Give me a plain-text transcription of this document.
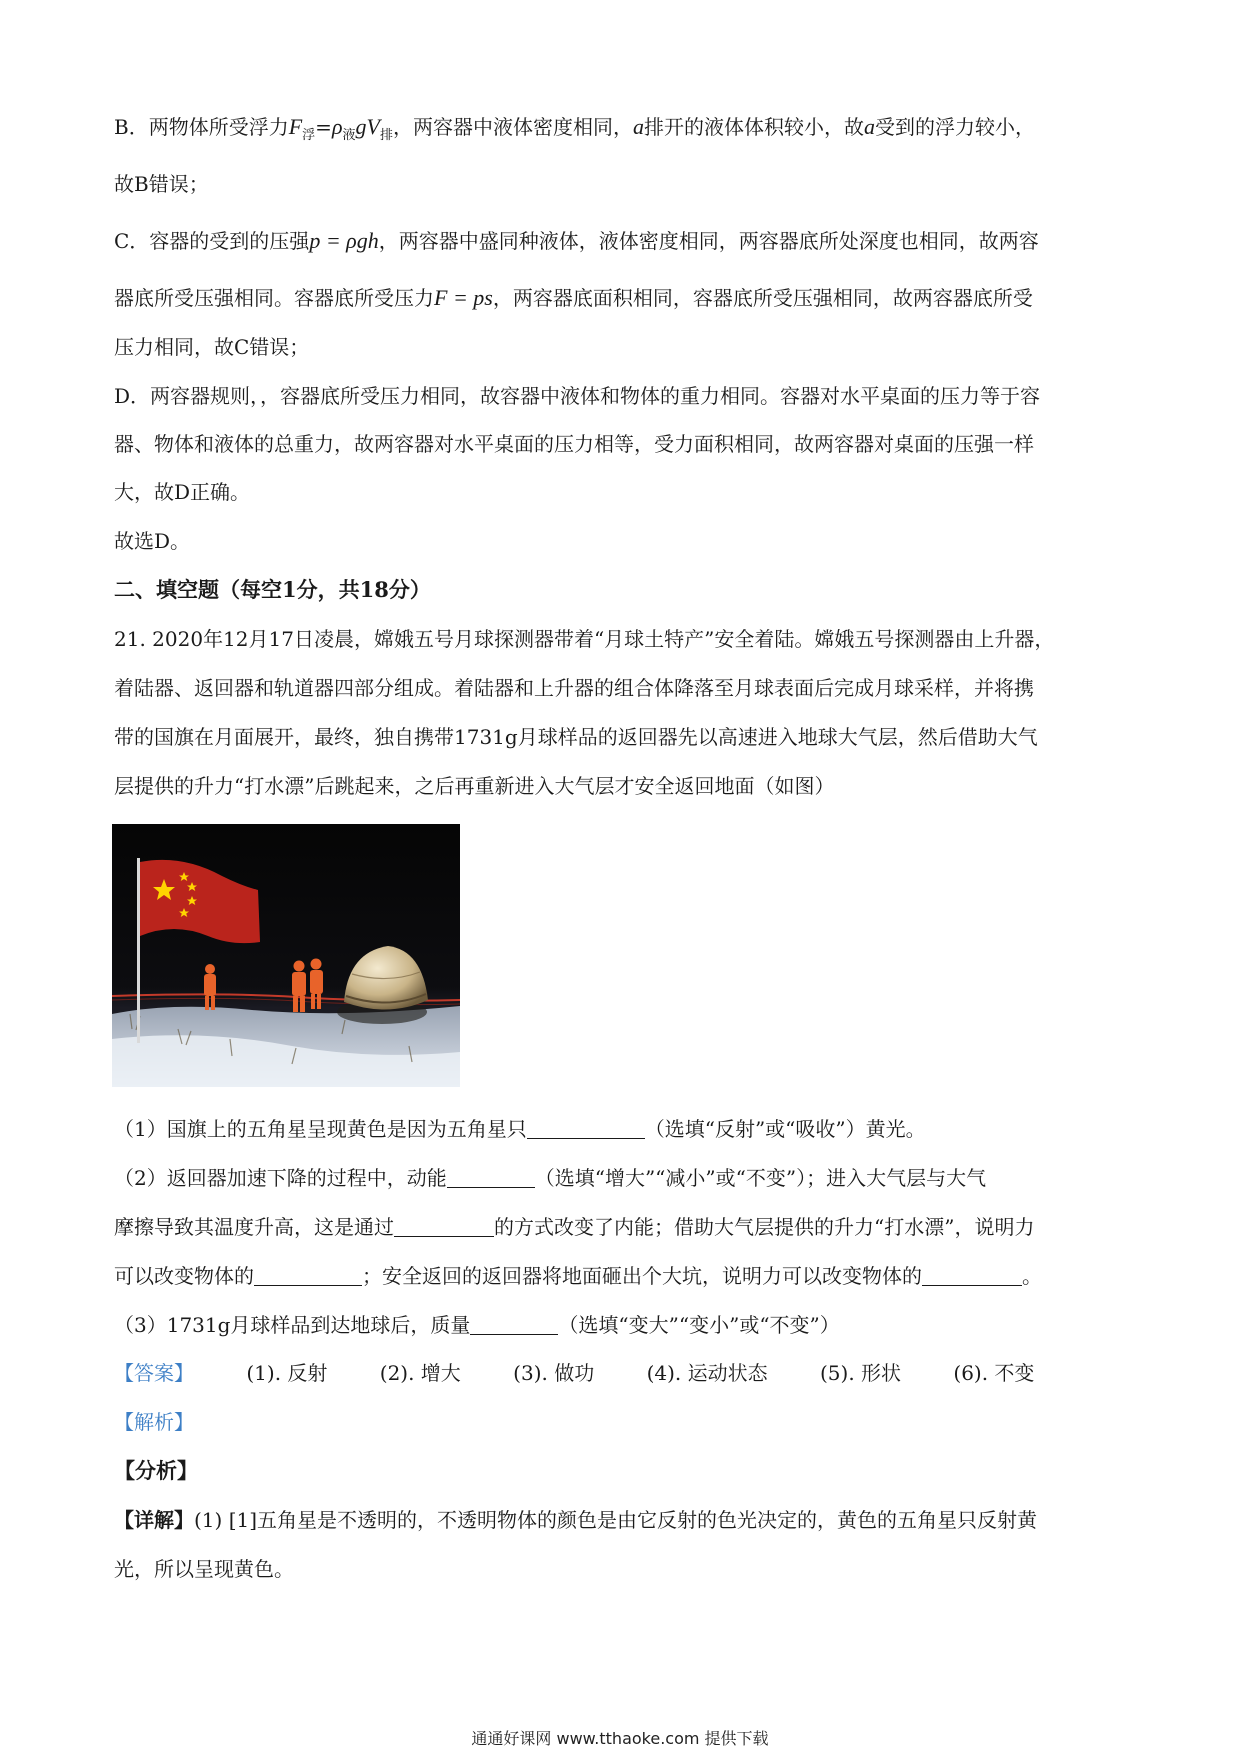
B．两物体所受浮力$F_浮=\rho_液gV_排$，两容器中液体密度相同，a排开的液体体积较小，故a受到的浮力较小，
故B错误；
C．容器的受到的压强p = ρgh，两容器中盛同种液体，液体密度相同，两容器底所处深度也相同，故两容
器底所受压强相同。容器底所受压力F = ps，两容器底面积相同，容器底所受压强相同，故两容器底所受
压力相同，故C错误；
D．两容器规则，，容器底所受压力相同，故容器中液体和物体的重力相同。容器对水平桌面的压力等于容
器、物体和液体的总重力，故两容器对水平桌面的压力相等，受力面积相同，故两容器对桌面的压强一样
大，故D正确。
故选D。
二、填空题（每空1分，共18分）
21. 2020年12月17日凌晨，嫦娥五号月球探测器带着“月球土特产”安全着陆。嫦娥五号探测器由上升器，
着陆器、返回器和轨道器四部分组成。着陆器和上升器的组合体降落至月球表面后完成月球采样，并将携
带的国旗在月面展开，最终，独自携带1731g月球样品的返回器先以高速进入地球大气层，然后借助大气
层提供的升力“打水漂”后跳起来，之后再重新进入大气层才安全返回地面（如图）
（1）国旗上的五角星呈现黄色是因为五角星只	（选填“反射”或“吸收”）黄光。
（2）返回器加速下降的过程中，动能	（选填“增大”“减小”或“不变”）；进入大气层与大气
摩擦导致其温度升高，这是通过	的方式改变了内能；借助大气层提供的升力“打水漂”，说明力
可以改变物体的	；安全返回的返回器将地面砸出个大坑，说明力可以改变物体的	。
（3）1731g月球样品到达地球后，质量	（选填“变大”“变小”或“不变”）
【答案】	(1). 反射	(2). 增大	(3). 做功	(4). 运动状态	(5). 形状	(6). 不变
【解析】
【分析】
【详解】(1) [1]五角星是不透明的，不透明物体的颜色是由它反射的色光决定的，黄色的五角星只反射黄
光，所以呈现黄色。
通通好课网 www.tthaoke.com 提供下载
